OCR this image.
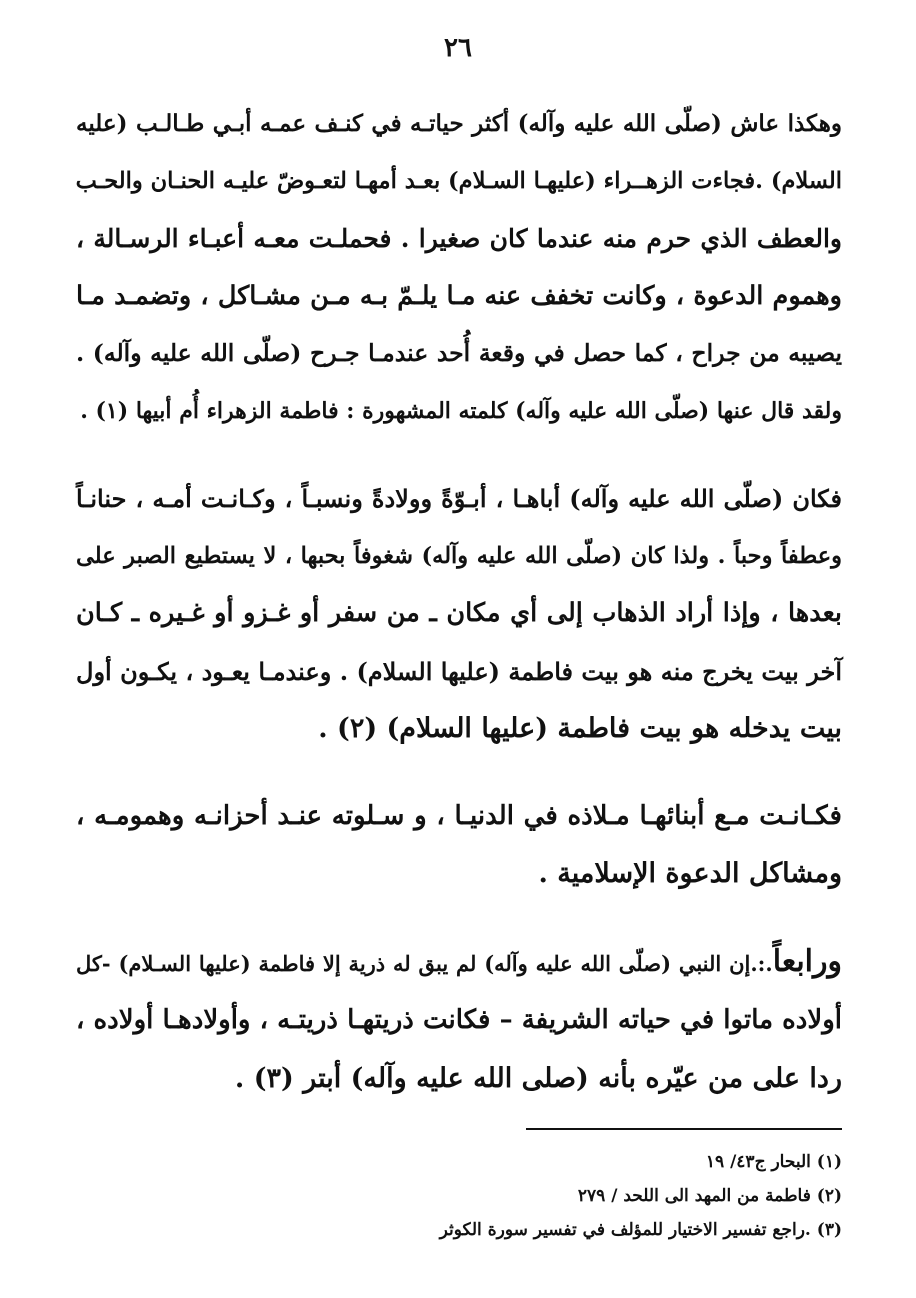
٢٦

وهكذا عاش (صلّى الله عليه وآله) أكثر حياتـه في كنـف عمـه أبـي طـالـب (عليه
السلام) .فجاءت الزهــراء (عليهـا السـلام) بعـد أمهـا لتعـوضّ عليـه الحنـان والحـب
والعطف الذي حرم منه عندما كان صغيرا . فحملـت معـه أعبـاء الرسـالة ،
وهموم الدعوة ، وكانت تخفف عنه مـا يلـمّ بـه مـن مشـاكل ، وتضمـد مـا
يصيبه من جراح ، كما حصل في وقعة أُحد عندمـا جـرح (صلّى الله عليه وآله) .
ولقد قال عنها (صلّى الله عليه وآله) كلمته المشهورة : فاطمة الزهراء أُم أبيها (١) .

فكان (صلّى الله عليه وآله) أباهـا ، أبـوّةً وولادةً ونسبـاً ، وكـانـت أمـه ، حنانـاً
وعطفاً وحباً . ولذا كان (صلّى الله عليه وآله) شغوفاً بحبها ، لا يستطيع الصبر على
بعدها ، وإذا أراد الذهاب إلى أي مكان ـ من سفر أو غـزو أو غـيره ـ كـان
آخر بيت يخرج منه هو بيت فاطمة (عليها السلام) . وعندمـا يعـود ، يكـون أول
بيت يدخله هو بيت فاطمة (عليها السلام) (٢) .

فكـانـت مـع أبنائهـا مـلاذه في الدنيـا ، و سـلوته عنـد أحزانـه وهمومـه ،
ومشاكل الدعوة الإسلامية .

ورابعاً.:.إن النبي (صلّى الله عليه وآله) لم يبق له ذرية إلا فاطمة (عليها السـلام) -كل
أولاده ماتوا في حياته الشريفة – فكانت ذريتهـا ذريتـه ، وأولادهـا أولاده ،
ردا على من عيّره بأنه (صلى الله عليه وآله) أبتر (٣) .

(١) البحار ج٤٣/ ١٩
(٢) فاطمة من المهد الى اللحد / ٢٧٩
(٣) .راجع تفسير الاختيار للمؤلف في تفسير سورة الكوثر
